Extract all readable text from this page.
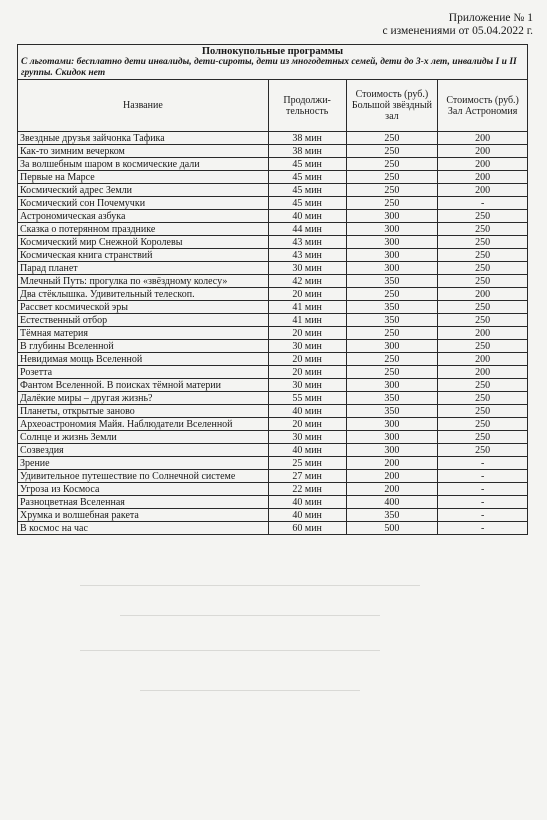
Приложение № 1
с изменениями от 05.04.2022 г.
Полнокупольные программы
С льготами: бесплатно дети инвалиды, дети-сироты, дети из многодетных семей, дети до 3-х лет, инвалиды I и II группы. Скидок нет			

Название	Продолжи-тельность	Стоимость (руб.) Большой звёздный зал	Стоимость (руб.) Зал Астрономия
Звездные друзья зайчонка Тафика	38 мин	250	200
Как-то зимним вечерком	38 мин	250	200
За волшебным шаром в космические дали	45 мин	250	200
Первые на Марсе	45 мин	250	200
Космический адрес Земли	45 мин	250	200
Космический сон Почемучки	45 мин	250	-
Астрономическая азбука	40 мин	300	250
Сказка о потерянном празднике	44 мин	300	250
Космический мир Снежной Королевы	43 мин	300	250
Космическая книга странствий	43 мин	300	250
Парад планет	30 мин	300	250
Млечный Путь: прогулка по «звёздному колесу»	42 мин	350	250
Два стёклышка. Удивительный телескоп.	20 мин	250	200
Рассвет космической эры	41 мин	350	250
Естественный отбор	41 мин	350	250
Тёмная материя	20 мин	250	200
В глубины Вселенной	30 мин	300	250
Невидимая мощь Вселенной	20 мин	250	200
Розетта	20 мин	250	200
Фантом Вселенной. В поисках тёмной материи	30 мин	300	250
Далёкие миры – другая жизнь?	55 мин	350	250
Планеты, открытые заново	40 мин	350	250
Археоастрономия Майя. Наблюдатели Вселенной	20 мин	300	250
Солнце и жизнь Земли	30 мин	300	250
Созвездия	40 мин	300	250
Зрение	25 мин	200	-
Удивительное путешествие по Солнечной системе	27 мин	200	-
Угроза из Космоса	22 мин	200	-
Разноцветная Вселенная	40 мин	400	-
Хрумка и волшебная ракета	40 мин	350	-
В космос на час	60 мин	500	-
